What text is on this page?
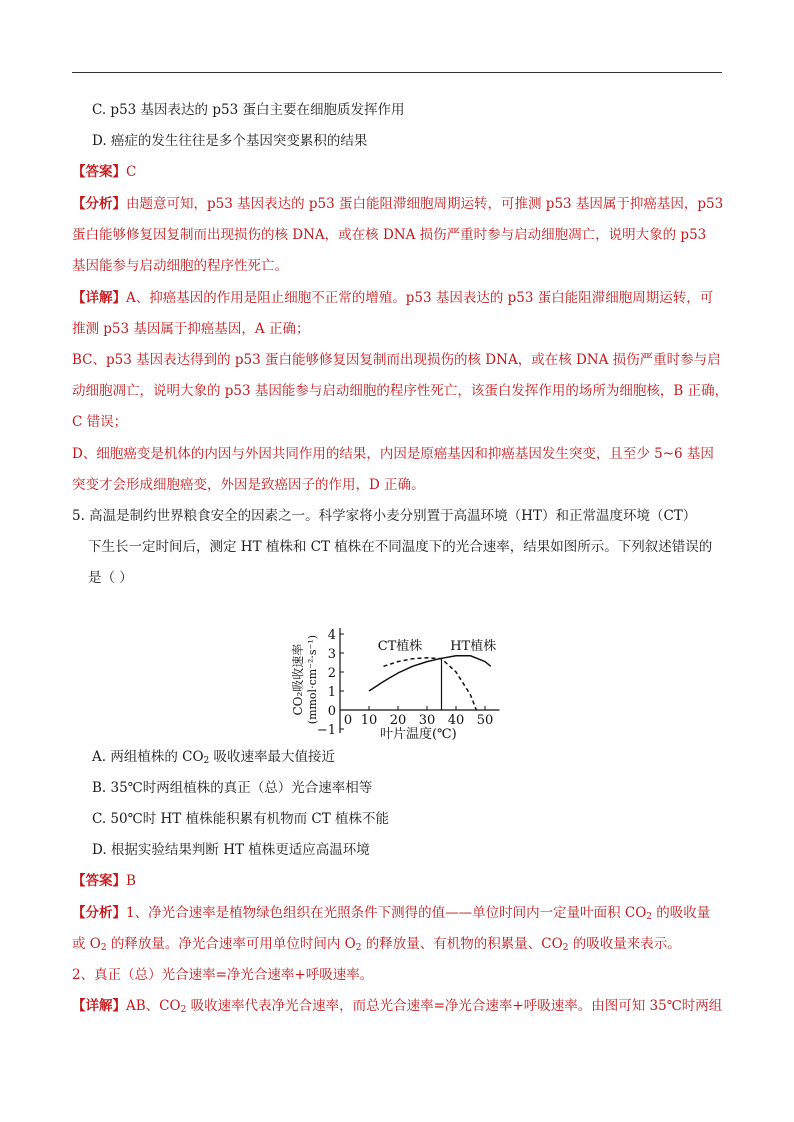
C. p53 基因表达的 p53 蛋白主要在细胞质发挥作用
D. 癌症的发生往往是多个基因突变累积的结果
【答案】C
【分析】由题意可知，p53 基因表达的 p53 蛋白能阻滞细胞周期运转，可推测 p53 基因属于抑癌基因，p53
蛋白能够修复因复制而出现损伤的核 DNA，或在核 DNA 损伤严重时参与启动细胞凋亡，说明大象的 p53
基因能参与启动细胞的程序性死亡。
【详解】A、抑癌基因的作用是阻止细胞不正常的增殖。p53 基因表达的 p53 蛋白能阻滞细胞周期运转，可
推测 p53 基因属于抑癌基因，A 正确；
BC、p53 基因表达得到的 p53 蛋白能够修复因复制而出现损伤的核 DNA，或在核 DNA 损伤严重时参与启
动细胞凋亡，说明大象的 p53 基因能参与启动细胞的程序性死亡，该蛋白发挥作用的场所为细胞核，B 正确，
C 错误；
D、细胞癌变是机体的内因与外因共同作用的结果，内因是原癌基因和抑癌基因发生突变，且至少 5~6 基因
突变才会形成细胞癌变，外因是致癌因子的作用，D 正确。
5. 高温是制约世界粮食安全的因素之一。科学家将小麦分别置于高温环境（HT）和正常温度环境（CT）
下生长一定时间后，测定 HT 植株和 CT 植株在不同温度下的光合速率，结果如图所示。下列叙述错误的
是（ ）
−1
0
1
2
3
4
0 10 20 30 40 50
CT植株 HT植株
叶片温度(℃)
CO₂吸收速率 (mmol·cm⁻²·s⁻¹)
A. 两组植株的 $CO_2$ 吸收速率最大值接近
B. 35℃时两组植株的真正（总）光合速率相等
C. 50℃时 HT 植株能积累有机物而 CT 植株不能
D. 根据实验结果判断 HT 植株更适应高温环境
【答案】B
【分析】1、净光合速率是植物绿色组织在光照条件下测得的值——单位时间内一定量叶面积 $CO_2$ 的吸收量
或 $O_2$ 的释放量。净光合速率可用单位时间内 $O_2$ 的释放量、有机物的积累量、$CO_2$ 的吸收量来表示。
2、真正（总）光合速率=净光合速率+呼吸速率。
【详解】AB、$CO_2$ 吸收速率代表净光合速率，而总光合速率=净光合速率+呼吸速率。由图可知 35℃时两组
